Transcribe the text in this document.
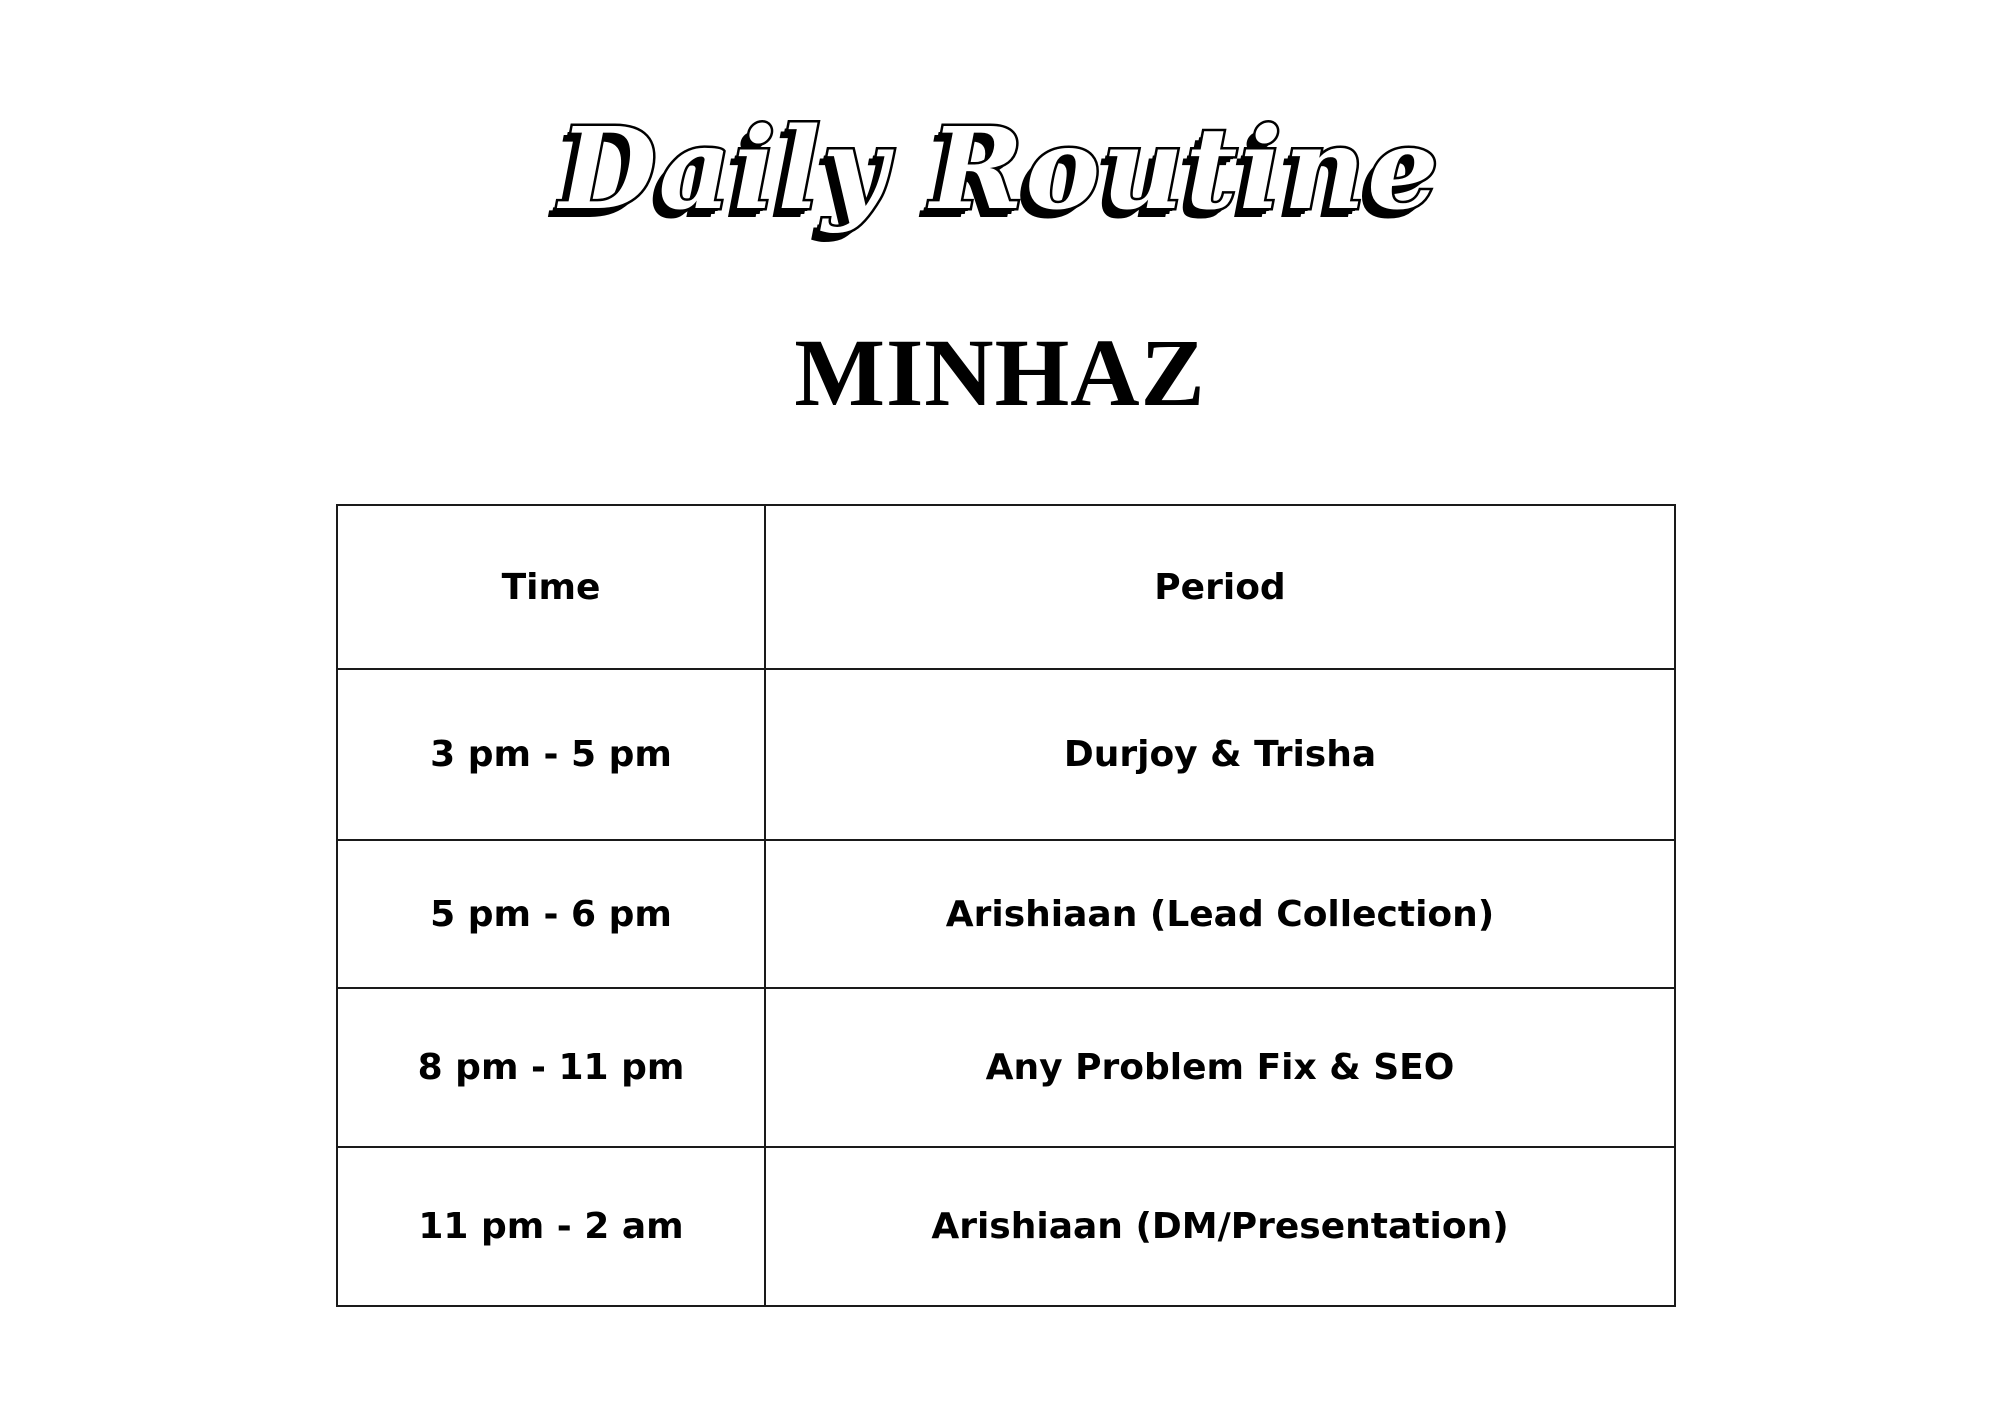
Daily Routine
MINHAZ
Time	Period
3 pm - 5 pm	Durjoy & Trisha
5 pm - 6 pm	Arishiaan (Lead Collection)
8 pm - 11 pm	Any Problem Fix & SEO
11 pm - 2 am	Arishiaan (DM/Presentation)
